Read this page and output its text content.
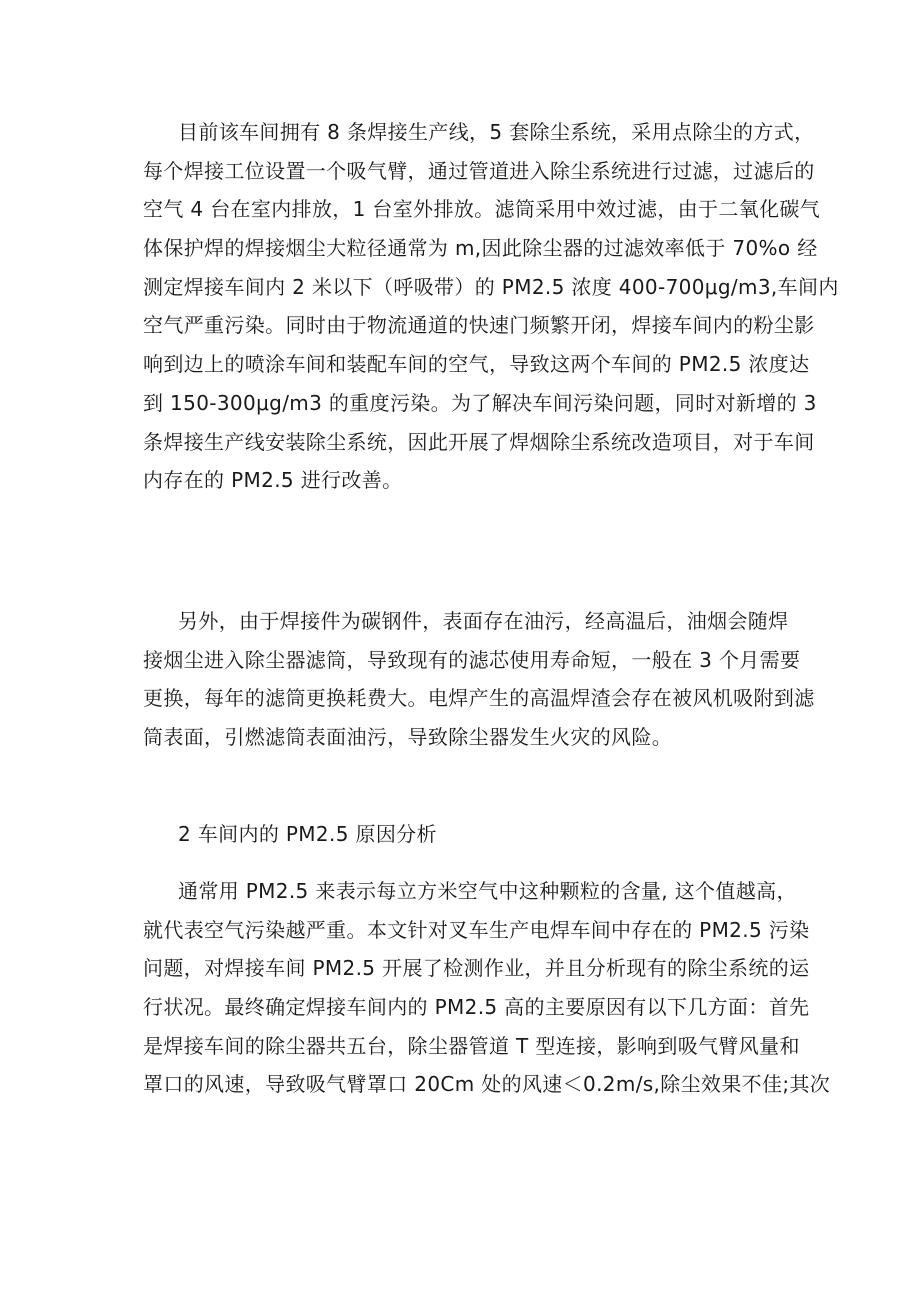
目前该车间拥有 8 条焊接生产线，5 套除尘系统，采用点除尘的方式，
每个焊接工位设置一个吸气臂，通过管道进入除尘系统进行过滤，过滤后的
空气 4 台在室内排放，1 台室外排放。滤筒采用中效过滤，由于二氧化碳气
体保护焊的焊接烟尘大粒径通常为 m,因此除尘器的过滤效率低于 70%o 经
测定焊接车间内 2 米以下（呼吸带）的 PM2.5 浓度 400-700μg/m3,车间内
空气严重污染。同时由于物流通道的快速门频繁开闭，焊接车间内的粉尘影
响到边上的喷涂车间和装配车间的空气，导致这两个车间的 PM2.5 浓度达
到 150-300μg/m3 的重度污染。为了解决车间污染问题，同时对新增的 3
条焊接生产线安装除尘系统，因此开展了焊烟除尘系统改造项目，对于车间
内存在的 PM2.5 进行改善。
另外，由于焊接件为碳钢件，表面存在油污，经高温后，油烟会随焊
接烟尘进入除尘器滤筒，导致现有的滤芯使用寿命短，一般在 3 个月需要
更换，每年的滤筒更换耗费大。电焊产生的高温焊渣会存在被风机吸附到滤
筒表面，引燃滤筒表面油污，导致除尘器发生火灾的风险。
2 车间内的 PM2.5 原因分析
通常用 PM2.5 来表示每立方米空气中这种颗粒的含量, 这个值越高，
就代表空气污染越严重。本文针对叉车生产电焊车间中存在的 PM2.5 污染
问题，对焊接车间 PM2.5 开展了检测作业，并且分析现有的除尘系统的运
行状况。最终确定焊接车间内的 PM2.5 高的主要原因有以下几方面：首先
是焊接车间的除尘器共五台，除尘器管道 T 型连接，影响到吸气臂风量和
罩口的风速，导致吸气臂罩口 20Cm 处的风速＜0.2m/s,除尘效果不佳;其次
